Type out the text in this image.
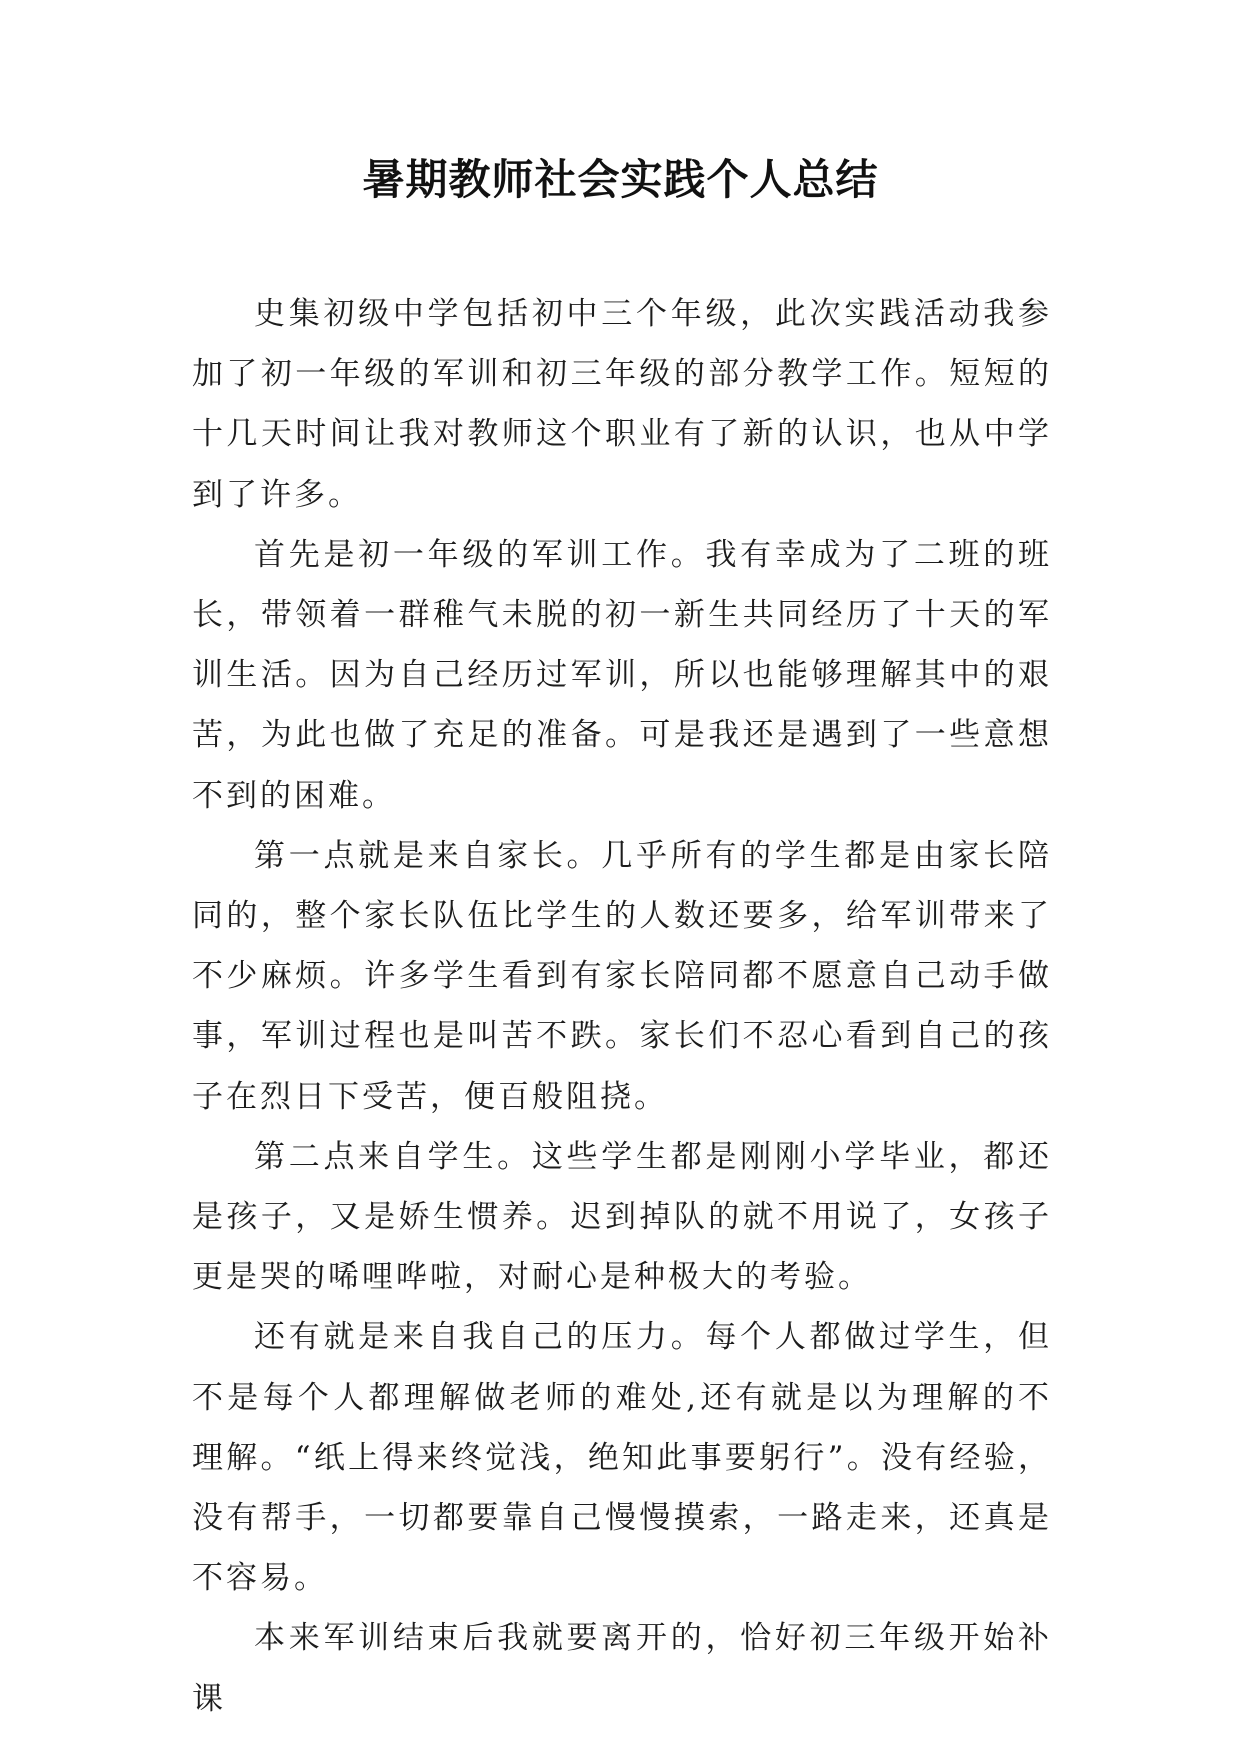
暑期教师社会实践个人总结

史集初级中学包括初中三个年级，此次实践活动我参加了初一年级的军训和初三年级的部分教学工作。短短的十几天时间让我对教师这个职业有了新的认识，也从中学到了许多。

首先是初一年级的军训工作。我有幸成为了二班的班长，带领着一群稚气未脱的初一新生共同经历了十天的军训生活。因为自己经历过军训，所以也能够理解其中的艰苦，为此也做了充足的准备。可是我还是遇到了一些意想不到的困难。

第一点就是来自家长。几乎所有的学生都是由家长陪同的，整个家长队伍比学生的人数还要多，给军训带来了不少麻烦。许多学生看到有家长陪同都不愿意自己动手做事，军训过程也是叫苦不跌。家长们不忍心看到自己的孩子在烈日下受苦，便百般阻挠。

第二点来自学生。这些学生都是刚刚小学毕业，都还是孩子，又是娇生惯养。迟到掉队的就不用说了，女孩子更是哭的唏哩哗啦，对耐心是种极大的考验。

还有就是来自我自己的压力。每个人都做过学生，但不是每个人都理解做老师的难处,还有就是以为理解的不理解。“纸上得来终觉浅，绝知此事要躬行”。没有经验，没有帮手，一切都要靠自己慢慢摸索，一路走来，还真是不容易。

本来军训结束后我就要离开的，恰好初三年级开始补课
